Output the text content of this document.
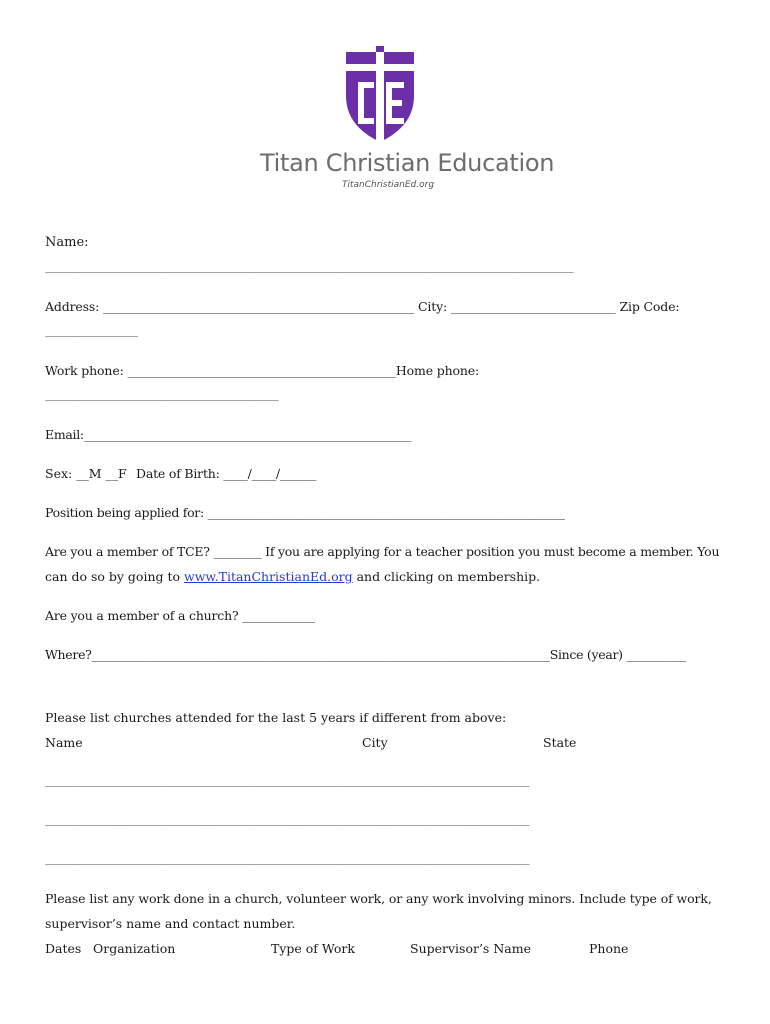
Titan Christian Education
TitanChristianEd.org
Name:
________________________________________________________________________________________________________________________
Address: ___________________________________________________ City: ___________________________ Zip Code:
_____________________
Work phone: ____________________________________________Home phone:
_____________________________________________________
Email:_______________________________________________________
Sex: __M __F Date of Birth: ____/____/______
Position being applied for: ____________________________________________________________
Are you a member of TCE? ________ If you are applying for a teacher position you must become a member. You
can do so by going to www.TitanChristianEd.org and clicking on membership.
Are you a member of a church? ____________
Where?_____________________________________________________________________________Since (year) __________
Please list churches attended for the last 5 years if different from above:
Name	City	State
______________________________________________________________________________________________________________
______________________________________________________________________________________________________________
______________________________________________________________________________________________________________
Please list any work done in a church, volunteer work, or any work involving minors. Include type of work,
supervisor’s name and contact number.
Dates Organization	Type of Work	Supervisor’s Name	Phone
